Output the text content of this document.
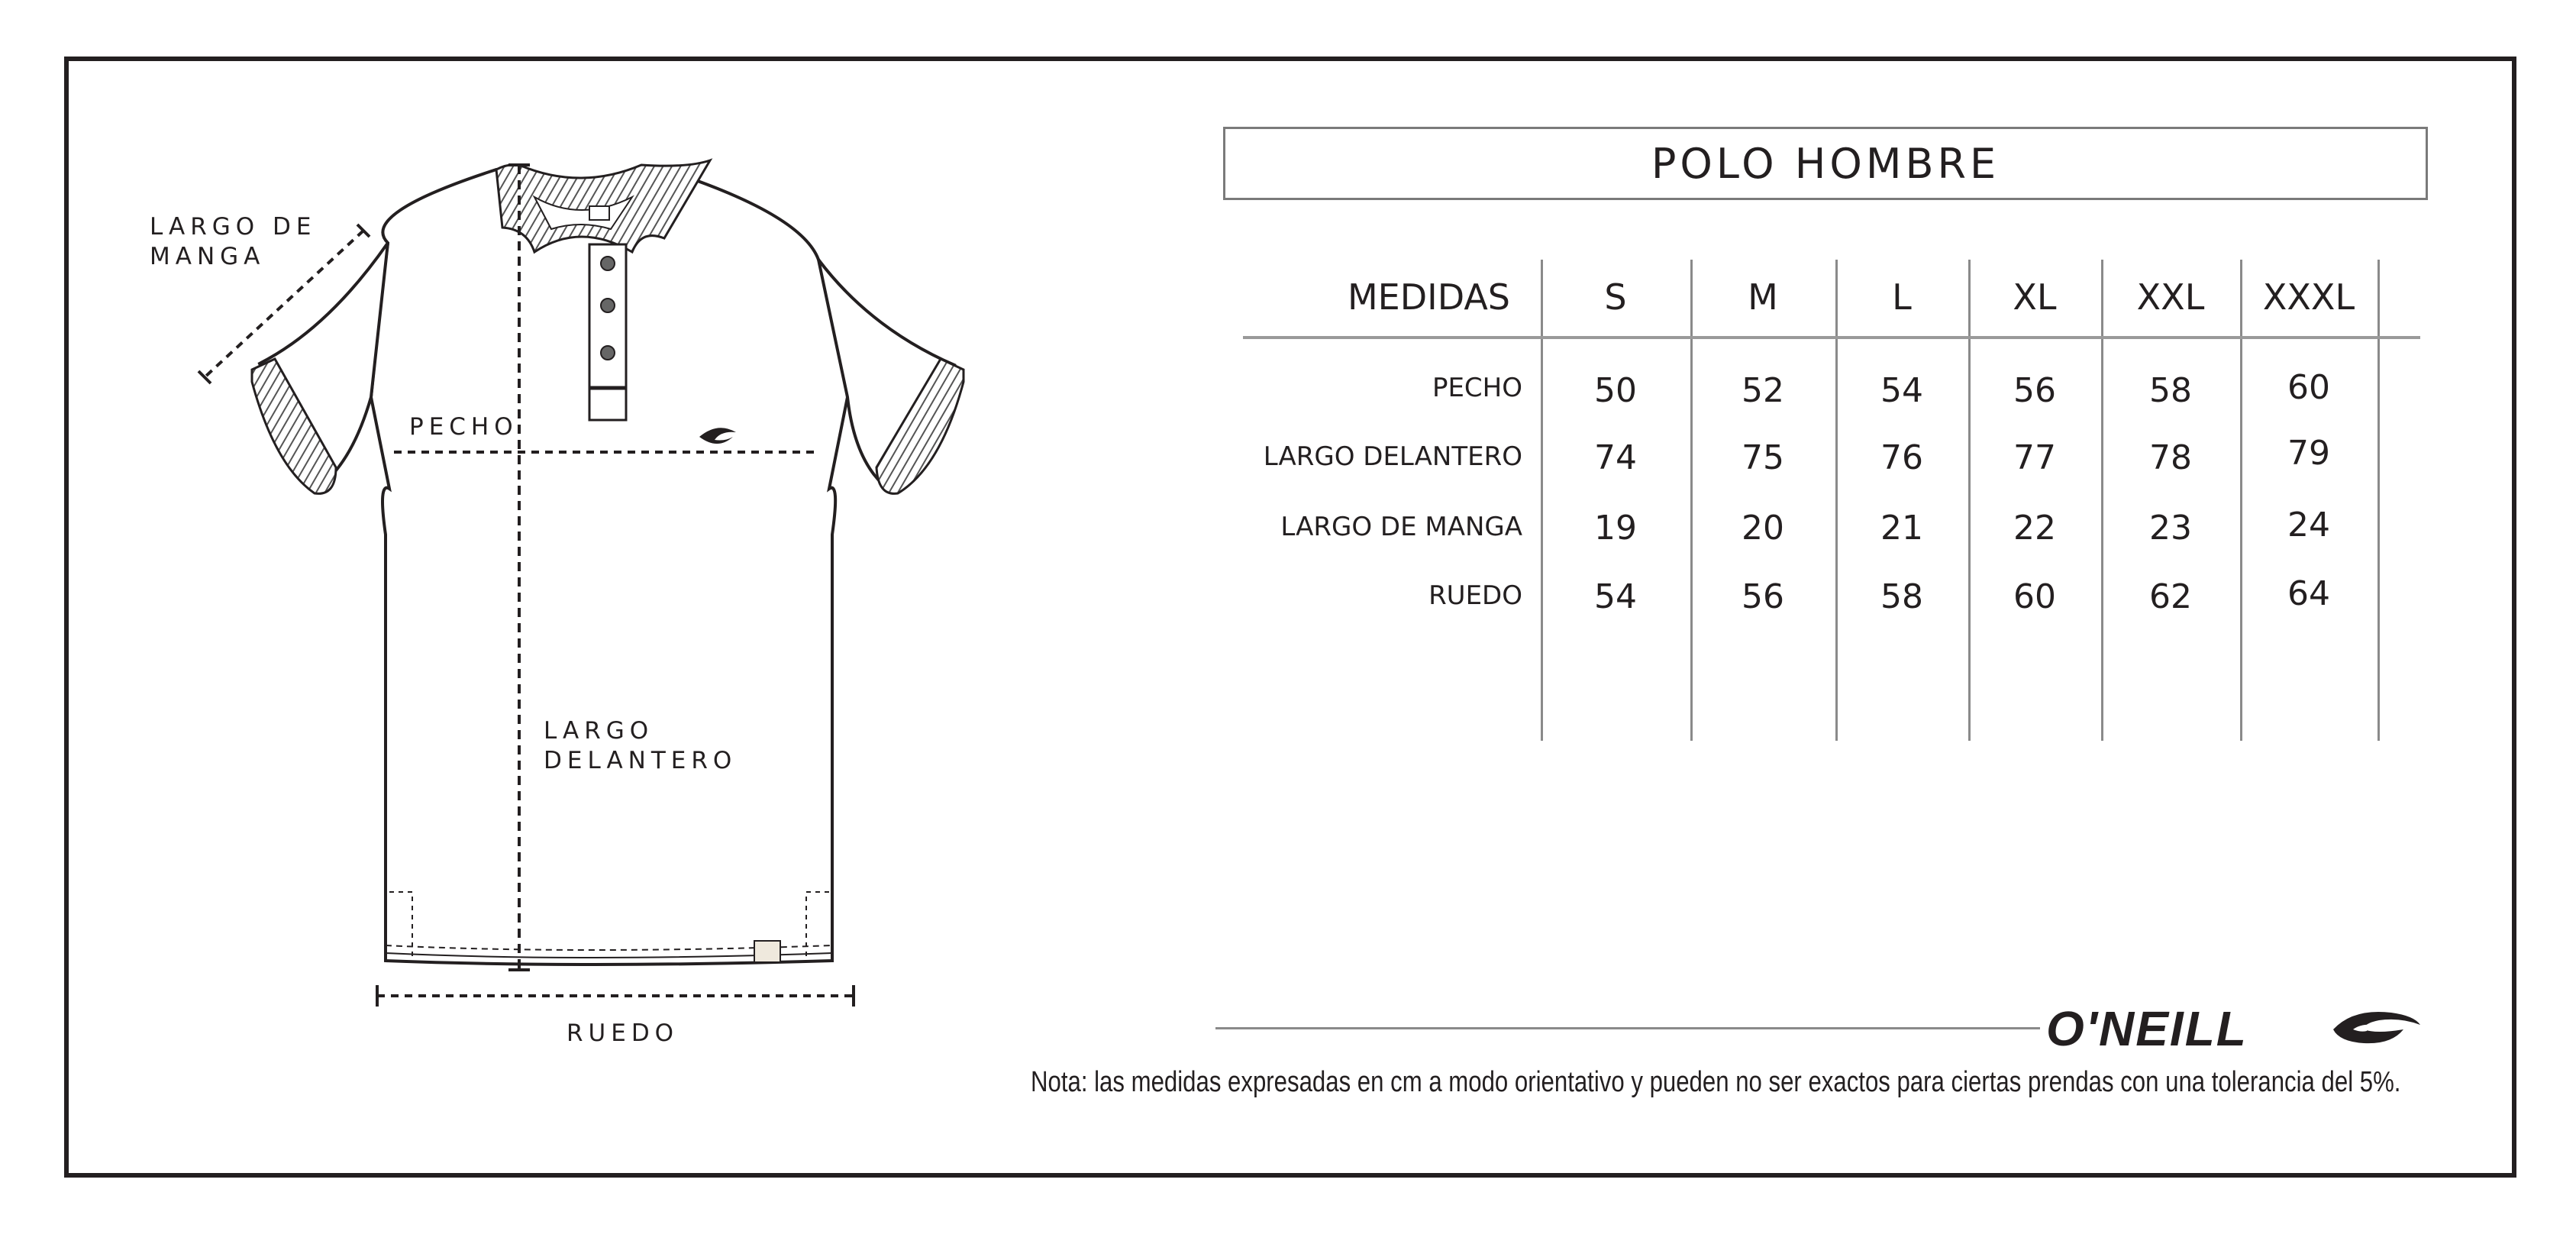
LARGO DE
MANGA
PECHO
LARGO
DELANTERO
RUEDO
POLO HOMBRE
MEDIDAS	S	M	L	XL	XXL	XXXL
PECHO	50	52	54	56	58	60
LARGO DELANTERO	74	75	76	77	78	79
LARGO DE MANGA	19	20	21	22	23	24
RUEDO	54	56	58	60	62	64
O'NEILL
Nota: las medidas expresadas en cm a modo orientativo y pueden no ser exactos para ciertas prendas con una tolerancia del 5%.
